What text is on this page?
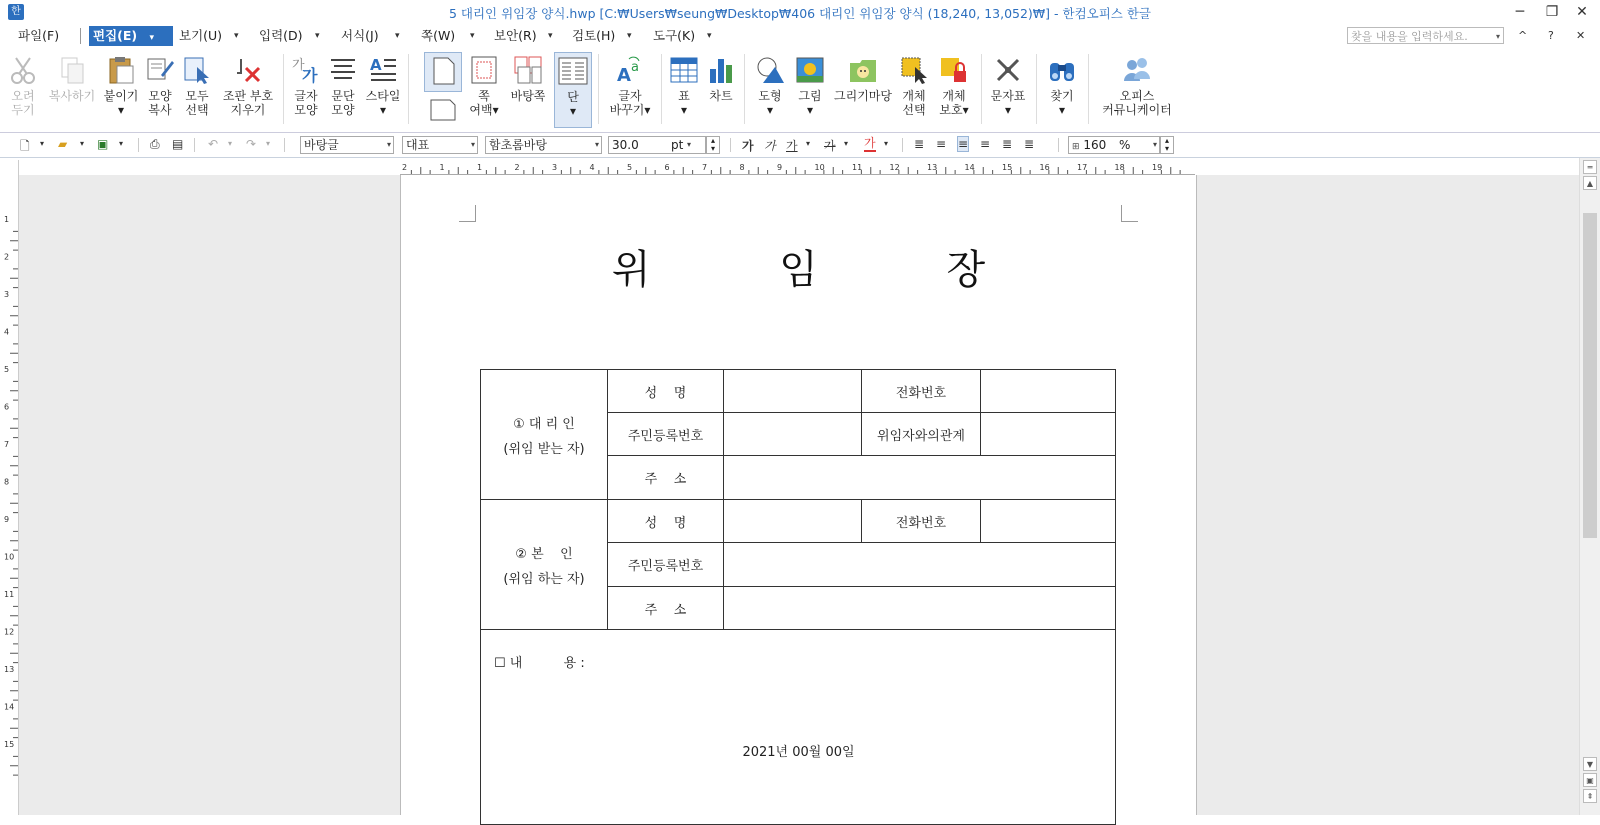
한	5 대리인 위임장 양식.hwp [C:₩Users₩seung₩Desktop₩406 대리인 위임장 양식 (18,240, 13,052)₩] - 한컴오피스 한글	─	❐	✕
파일(F)	편집(E) ▾	보기(U)	▾	입력(D)	▾	서식(J)	▾	쪽(W)	▾	보안(R)	▾	검토(H)	▾	도구(K)	▾	찾을 내용을 입력하세요.	▾ ^ ? ✕
오려
두기
복사하기 붙이기
▾
모양
복사
모두
선택
조판 부호
지우기
가
가
글자
모양
문단
모양
A
스타일
▾
쪽
여백▾
바탕쪽	단
▾
A a
글자
바꾸기▾
표
▾
차트	도형
▾
그림
▾
그리기마당 개체
선택
개체
보호▾
문자표
▾
찾기
▾
오피스
커뮤니케이터
🗋 ▾ ▰ ▾ ▣ ▾ ⎙ ▤ ↶ ▾ ↷ ▾	바탕글	▾	대표	▾	함초롬바탕	▾	30.0	pt ▾	▴
▾	가 가 가 ▾ 가 ▾ 가 ▾ ≣ ≡ ≡ ≡ ≣ ≣	⊞ 160 %	▾ ▴
▾
2	1	1	2	3	4	5	6	7	8	9	10	11	12	13	14	15	16	17	18	19
1
2
3
4
5
6
7
8
9
10
11
12
13
14
15
위 임 장
① 대 리 인
(위임 받는 자)	성    명		전화번호	
	주민등록번호		위임자와의관계	
	주    소			

② 본    인
(위임 하는 자)	성    명		전화번호	
	주민등록번호			
	주    소			

☐ 내          용 :
2021년 00월 00일
═
▲
▼
▣
⇞
